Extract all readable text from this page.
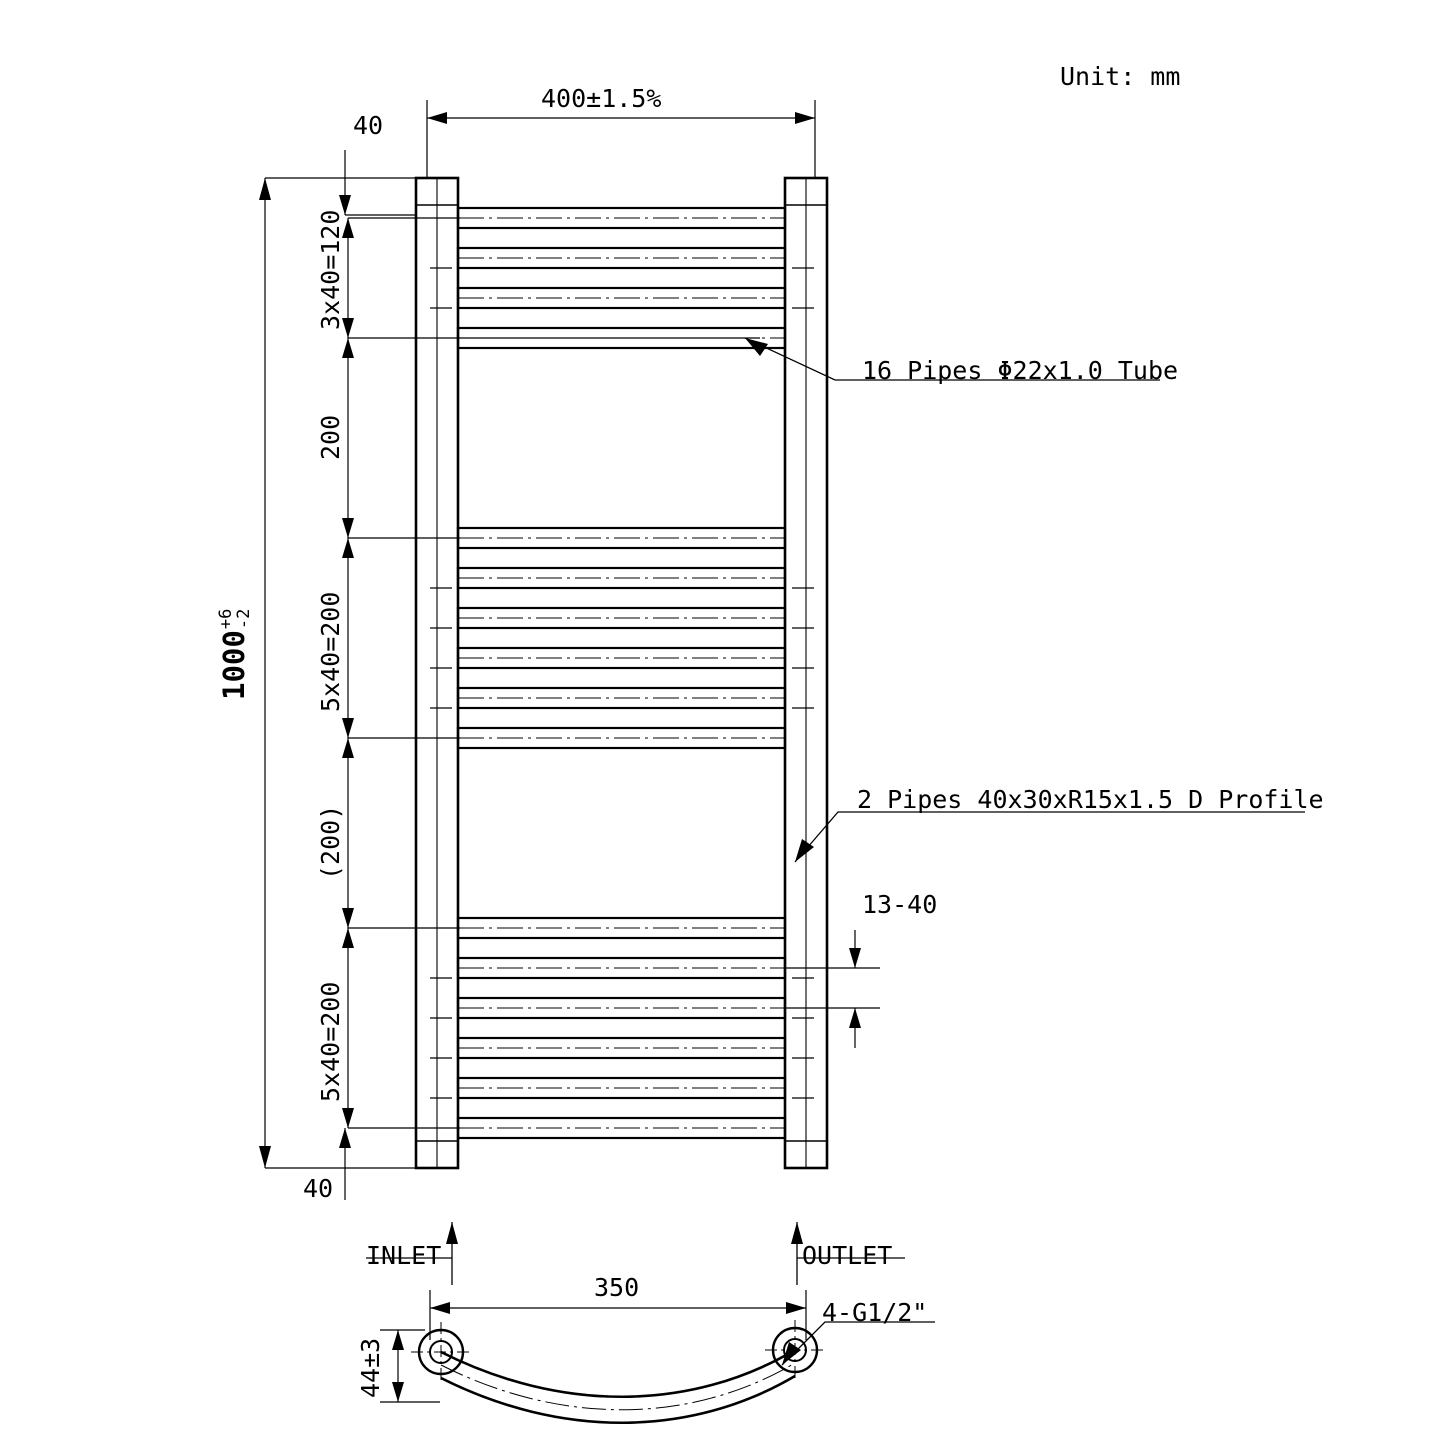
Unit: mm
400±1.5%
40
3x40=120
200
5x40=200
(200)
5x40=200
40
1000
+6
-2
16 Pipes Φ22x1.0 Tube
2 Pipes 40x30xR15x1.5 D Profile
13-40
INLET	OUTLET
350
4-G1/2"
44±3
